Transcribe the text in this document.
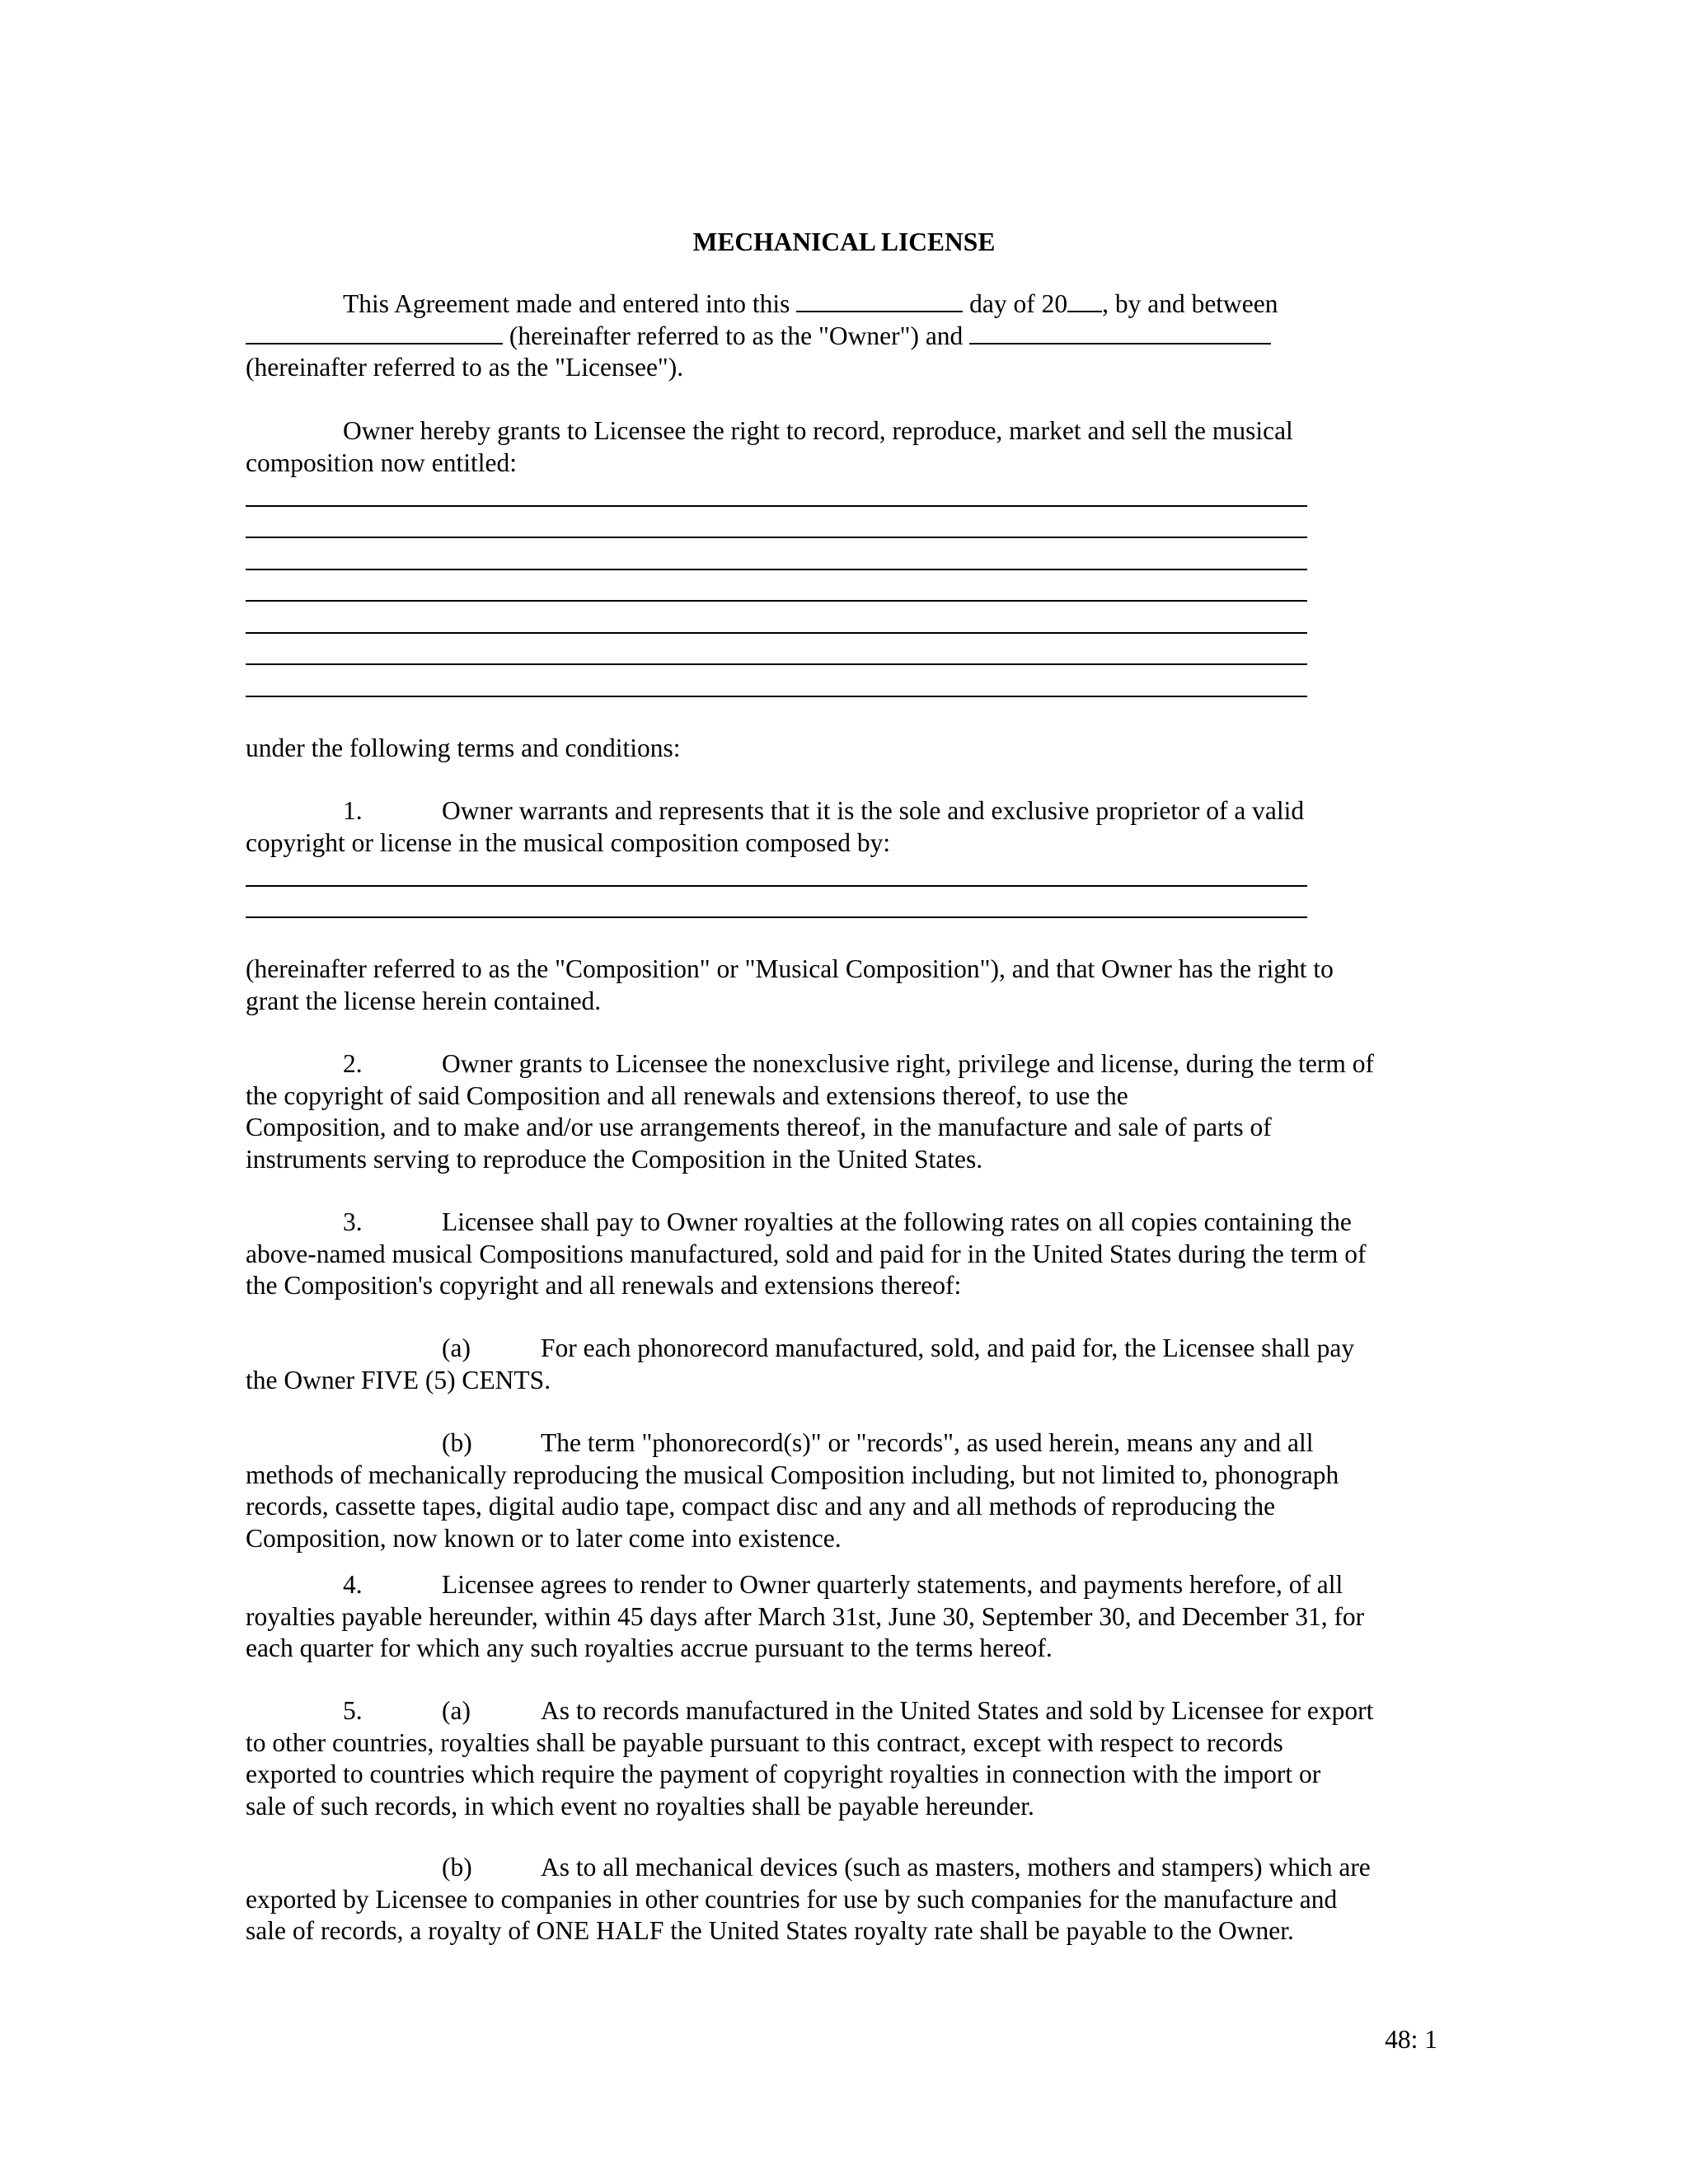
MECHANICAL LICENSE
This Agreement made and entered into this	day of 20 , by and between
(hereinafter referred to as the "Owner") and
(hereinafter referred to as the "Licensee").
Owner hereby grants to Licensee the right to record, reproduce, market and sell the musical
composition now entitled:
under the following terms and conditions:
1.	Owner warrants and represents that it is the sole and exclusive proprietor of a valid
copyright or license in the musical composition composed by:
(hereinafter referred to as the "Composition" or "Musical Composition"), and that Owner has the right to
grant the license herein contained.
2.	Owner grants to Licensee the nonexclusive right, privilege and license, during the term of
the copyright of said Composition and all renewals and extensions thereof, to use the
Composition, and to make and/or use arrangements thereof, in the manufacture and sale of parts of
instruments serving to reproduce the Composition in the United States.
3.	Licensee shall pay to Owner royalties at the following rates on all copies containing the
above-named musical Compositions manufactured, sold and paid for in the United States during the term of
the Composition's copyright and all renewals and extensions thereof:
(a)	For each phonorecord manufactured, sold, and paid for, the Licensee shall pay
the Owner FIVE (5) CENTS.
(b)	The term "phonorecord(s)" or "records", as used herein, means any and all
methods of mechanically reproducing the musical Composition including, but not limited to, phonograph
records, cassette tapes, digital audio tape, compact disc and any and all methods of reproducing the
Composition, now known or to later come into existence.
4.	Licensee agrees to render to Owner quarterly statements, and payments herefore, of all
royalties payable hereunder, within 45 days after March 31st, June 30, September 30, and December 31, for
each quarter for which any such royalties accrue pursuant to the terms hereof.
5.	(a)	As to records manufactured in the United States and sold by Licensee for export
to other countries, royalties shall be payable pursuant to this contract, except with respect to records
exported to countries which require the payment of copyright royalties in connection with the import or
sale of such records, in which event no royalties shall be payable hereunder.
(b)	As to all mechanical devices (such as masters, mothers and stampers) which are
exported by Licensee to companies in other countries for use by such companies for the manufacture and
sale of records, a royalty of ONE HALF the United States royalty rate shall be payable to the Owner.
48: 1
